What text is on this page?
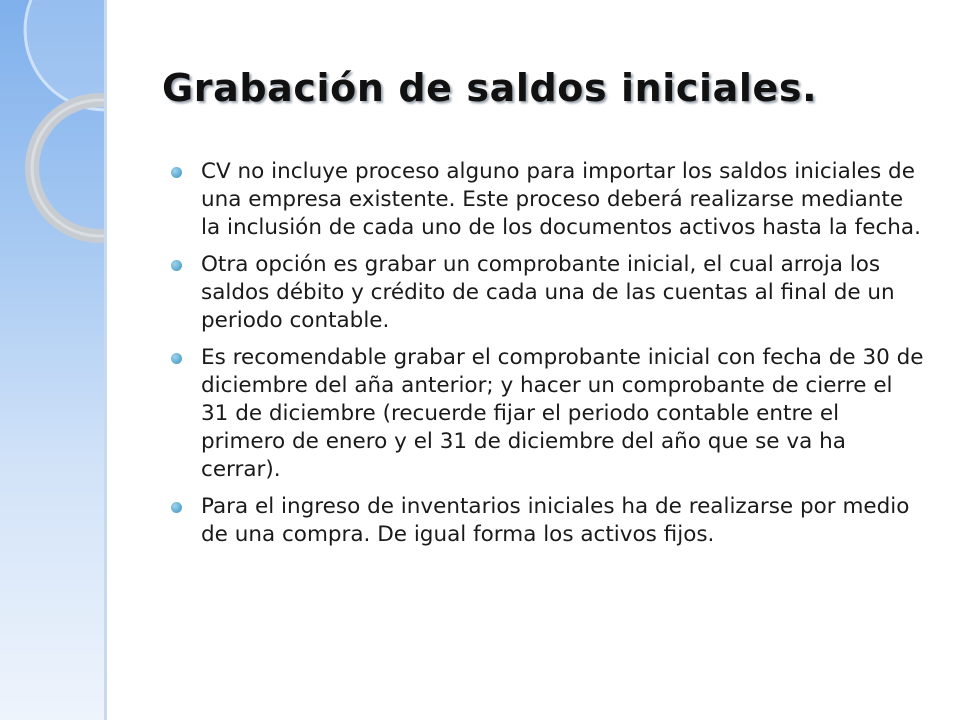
Grabación de saldos iniciales.
CV no incluye proceso alguno para importar los saldos iniciales de una empresa existente. Este proceso deberá realizarse mediante la inclusión de cada uno de los documentos activos hasta la fecha.
Otra opción es grabar un comprobante inicial, el cual arroja los saldos débito y crédito de cada una de las cuentas al final de un periodo contable.
Es recomendable grabar el comprobante inicial con fecha de 30 de diciembre del aña anterior; y hacer un comprobante de cierre el 31 de diciembre (recuerde fijar el periodo contable entre el primero de enero y el 31 de diciembre del año que se va ha cerrar).
Para el ingreso de inventarios iniciales ha de realizarse por medio de una compra. De igual forma los activos fijos.
